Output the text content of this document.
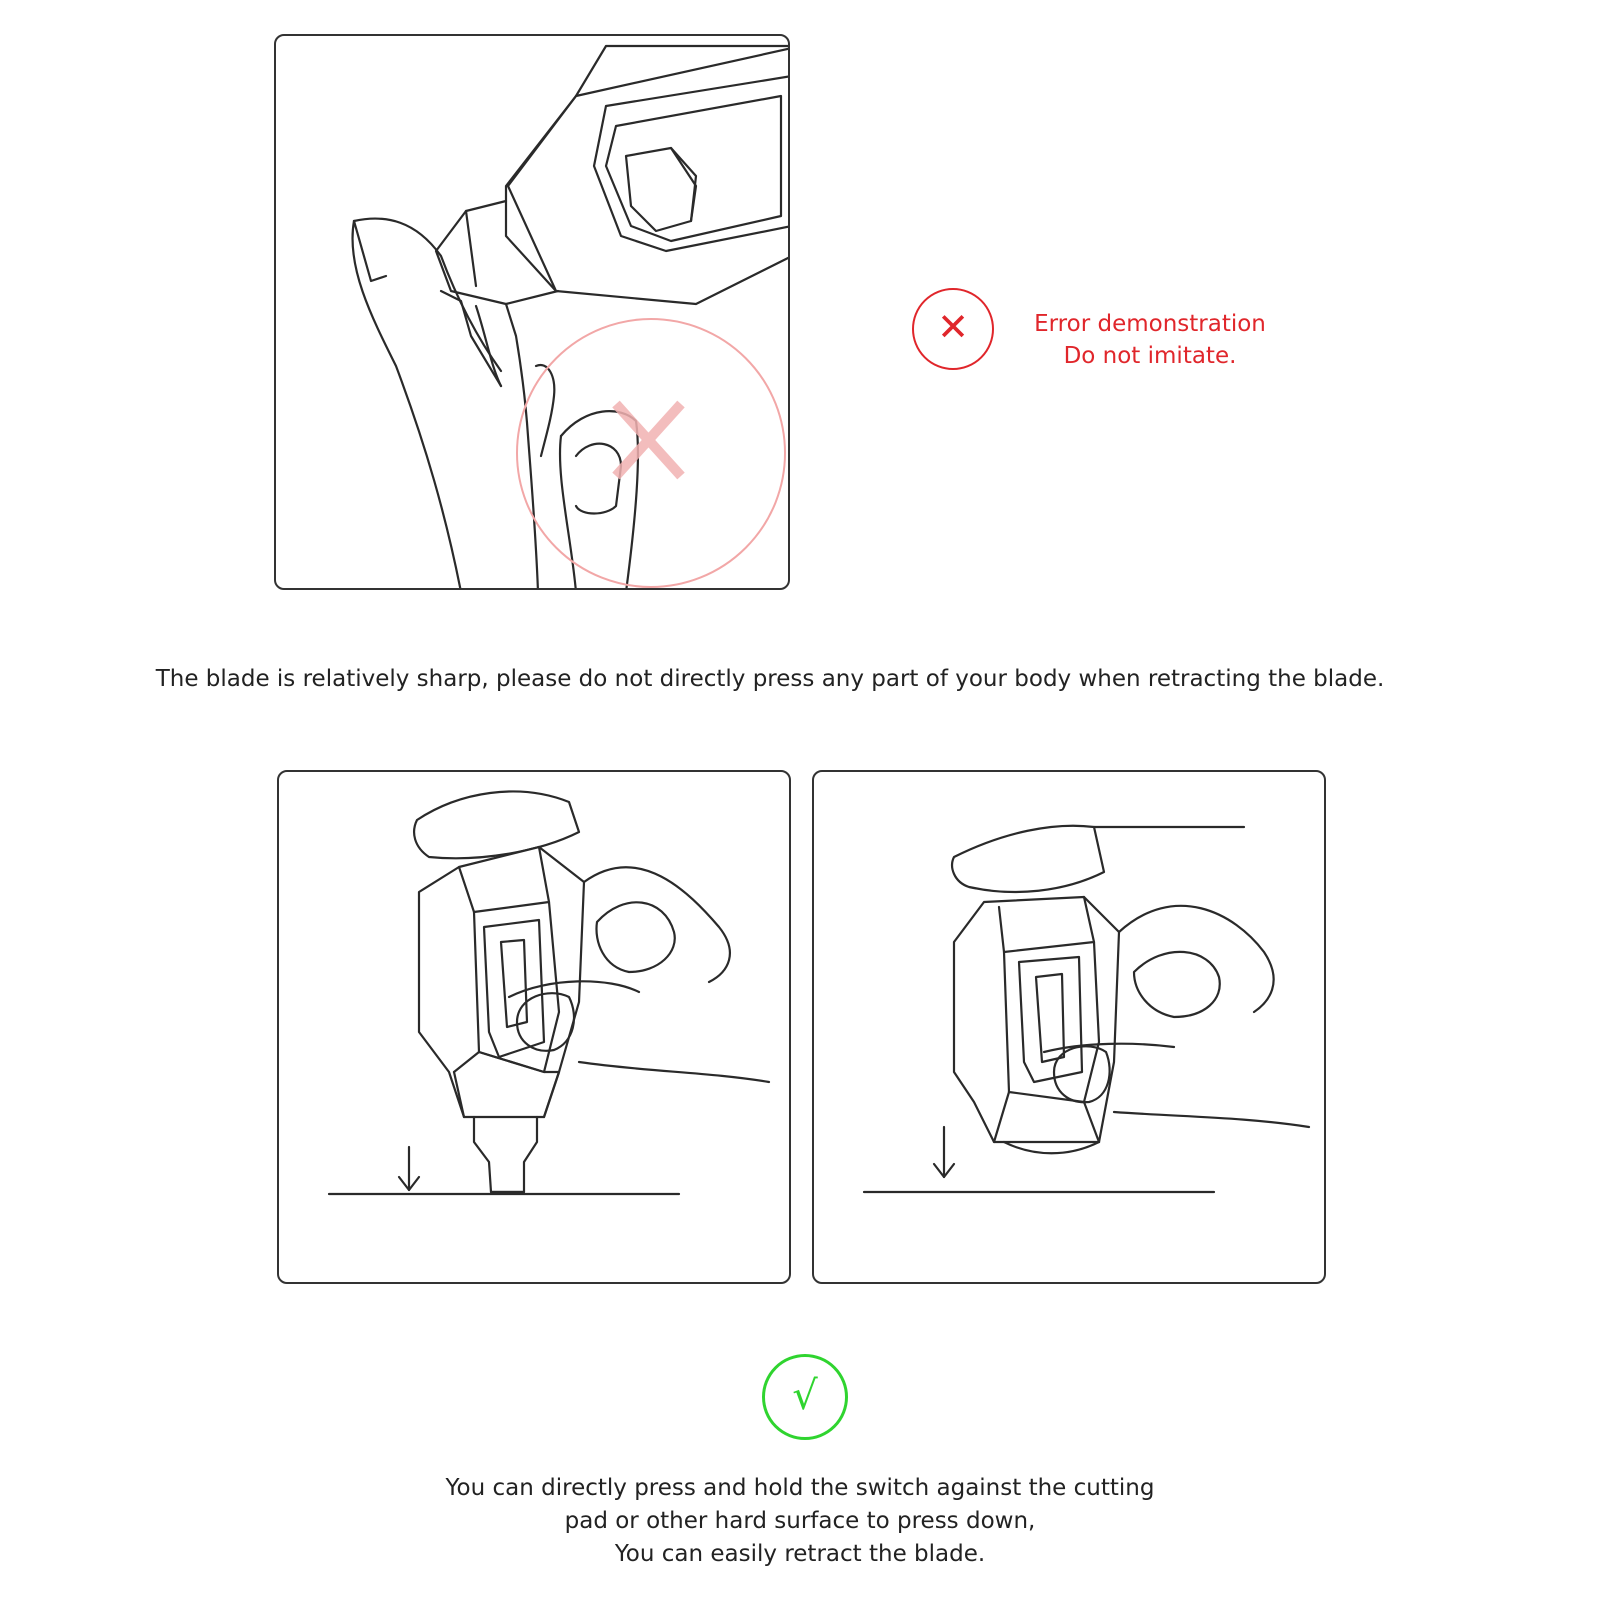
✕	Error demonstration
Do not imitate.
The blade is relatively sharp, please do not directly press any part of your body when retracting the blade.
√
You can directly press and hold the switch against the cutting
pad or other hard surface to press down,
You can easily retract the blade.
